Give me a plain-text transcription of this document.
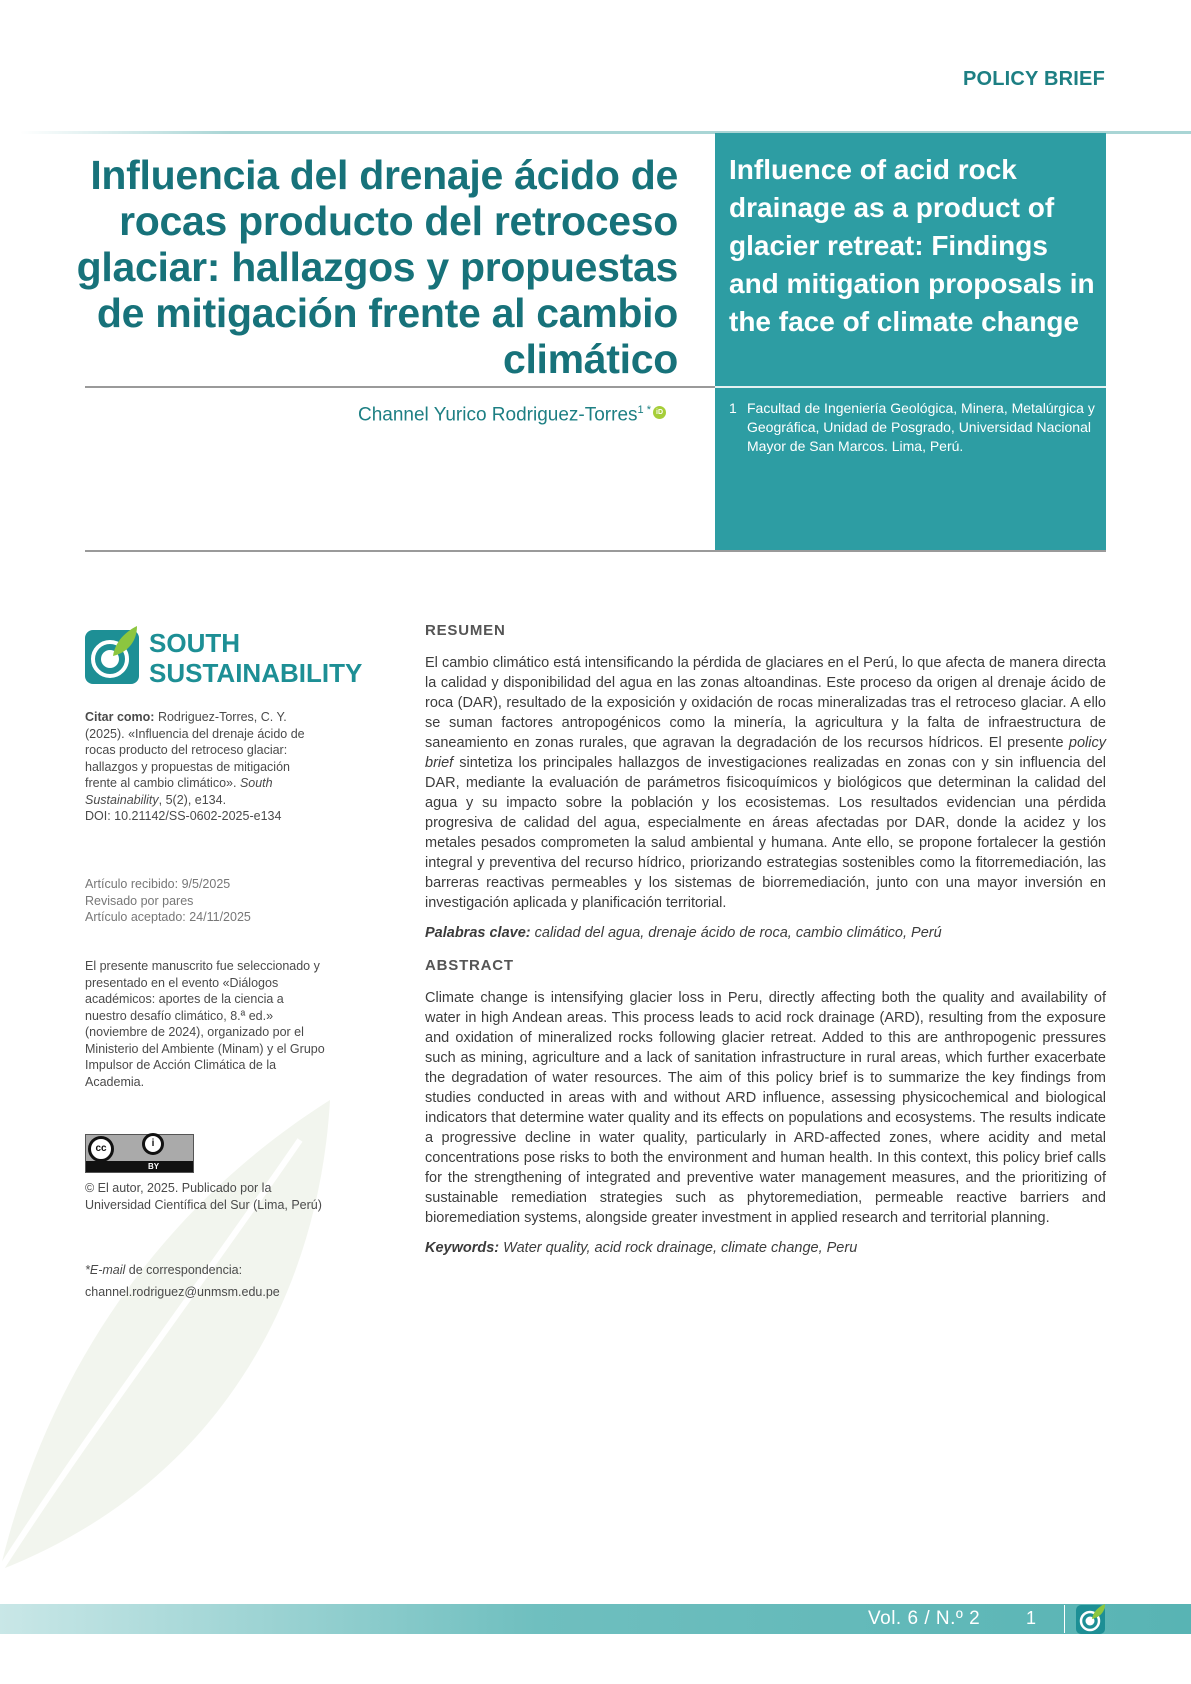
POLICY BRIEF
Influencia del drenaje ácido de rocas producto del retroceso glaciar: hallazgos y propuestas de mitigación frente al cambio climático
Channel Yurico Rodriguez-Torres$^{1 *}$ iD
Influence of acid rock drainage as a product of glacier retreat: Findings and mitigation proposals in the face of climate change
1 Facultad de Ingeniería Geológica, Minera, Metalúrgica y Geográfica, Unidad de Posgrado, Universidad Nacional Mayor de San Marcos. Lima, Perú.
SOUTH
SUSTAINABILITY
Citar como: Rodriguez-Torres, C. Y. (2025). «Influencia del drenaje ácido de rocas producto del retroceso glaciar: hallazgos y propuestas de mitigación frente al cambio climático». South Sustainability, 5(2), e134.
DOI: 10.21142/SS-0602-2025-e134
Artículo recibido: 9/5/2025
Revisado por pares
Artículo aceptado: 24/11/2025
El presente manuscrito fue seleccionado y presentado en el evento «Diálogos académicos: aportes de la ciencia a nuestro desafío climático, 8.ª ed.» (noviembre de 2024), organizado por el Ministerio del Ambiente (Minam) y el Grupo Impulsor de Acción Climática de la Academia.
cc	i
BY
© El autor, 2025. Publicado por la Universidad Científica del Sur (Lima, Perú)
*E-mail de correspondencia:
channel.rodriguez@unmsm.edu.pe
RESUMEN

El cambio climático está intensificando la pérdida de glaciares en el Perú, lo que afecta de manera directa la calidad y disponibilidad del agua en las zonas altoandinas. Este proceso da origen al drenaje ácido de roca (DAR), resultado de la exposición y oxidación de rocas mineralizadas tras el retroceso glaciar. A ello se suman factores antropogénicos como la minería, la agricultura y la falta de infraestructura de saneamiento en zonas rurales, que agravan la degradación de los recursos hídricos. El presente policy brief sintetiza los principales hallazgos de investigaciones realizadas en zonas con y sin influencia del DAR, mediante la evaluación de parámetros fisicoquímicos y biológicos que determinan la calidad del agua y su impacto sobre la población y los ecosistemas. Los resultados evidencian una pérdida progresiva de calidad del agua, especialmente en áreas afectadas por DAR, donde la acidez y los metales pesados comprometen la salud ambiental y humana. Ante ello, se propone fortalecer la gestión integral y preventiva del recurso hídrico, priorizando estrategias sostenibles como la fitorremediación, las barreras reactivas permeables y los sistemas de biorremediación, junto con una mayor inversión en investigación aplicada y planificación territorial.

Palabras clave: calidad del agua, drenaje ácido de roca, cambio climático, Perú

ABSTRACT

Climate change is intensifying glacier loss in Peru, directly affecting both the quality and availability of water in high Andean areas. This process leads to acid rock drainage (ARD), resulting from the exposure and oxidation of mineralized rocks following glacier retreat. Added to this are anthropogenic pressures such as mining, agriculture and a lack of sanitation infrastructure in rural areas, which further exacerbate the degradation of water resources. The aim of this policy brief is to summarize the key findings from studies conducted in areas with and without ARD influence, assessing physicochemical and biological indicators that determine water quality and its effects on populations and ecosystems. The results indicate a progressive decline in water quality, particularly in ARD-affected zones, where acidity and metal concentrations pose risks to both the environment and human health. In this context, this policy brief calls for the strengthening of integrated and preventive water management measures, and the prioritizing of sustainable remediation strategies such as phytoremediation, permeable reactive barriers and bioremediation systems, alongside greater investment in applied research and territorial planning.

Keywords: Water quality, acid rock drainage, climate change, Peru

Vol. 6 / N.º 2	1
